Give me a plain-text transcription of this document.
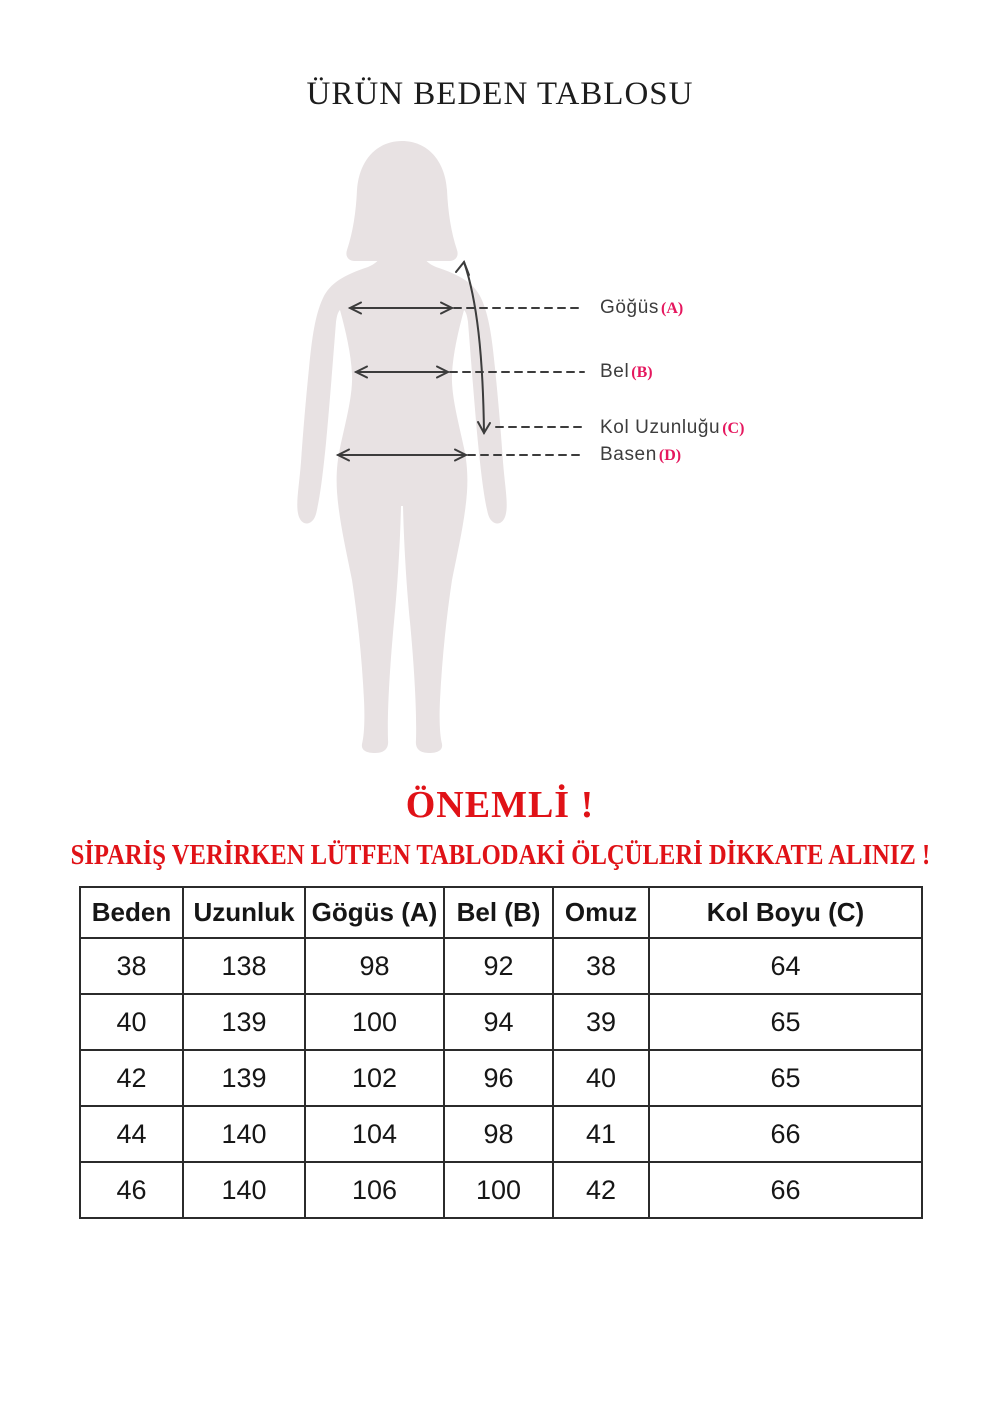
ÜRÜN BEDEN TABLOSU
Göğüs (A)
Bel (B)
Kol Uzunluğu (C)
Basen (D)
ÖNEMLİ !
SİPARİŞ VERİRKEN LÜTFEN TABLODAKİ ÖLÇÜLERİ DİKKATE ALINIZ !
Beden	Uzunluk	Gögüs (A)	Bel (B)	Omuz	Kol Boyu (C)
38	138	98	92	38	64
40	139	100	94	39	65
42	139	102	96	40	65
44	140	104	98	41	66
46	140	106	100	42	66
